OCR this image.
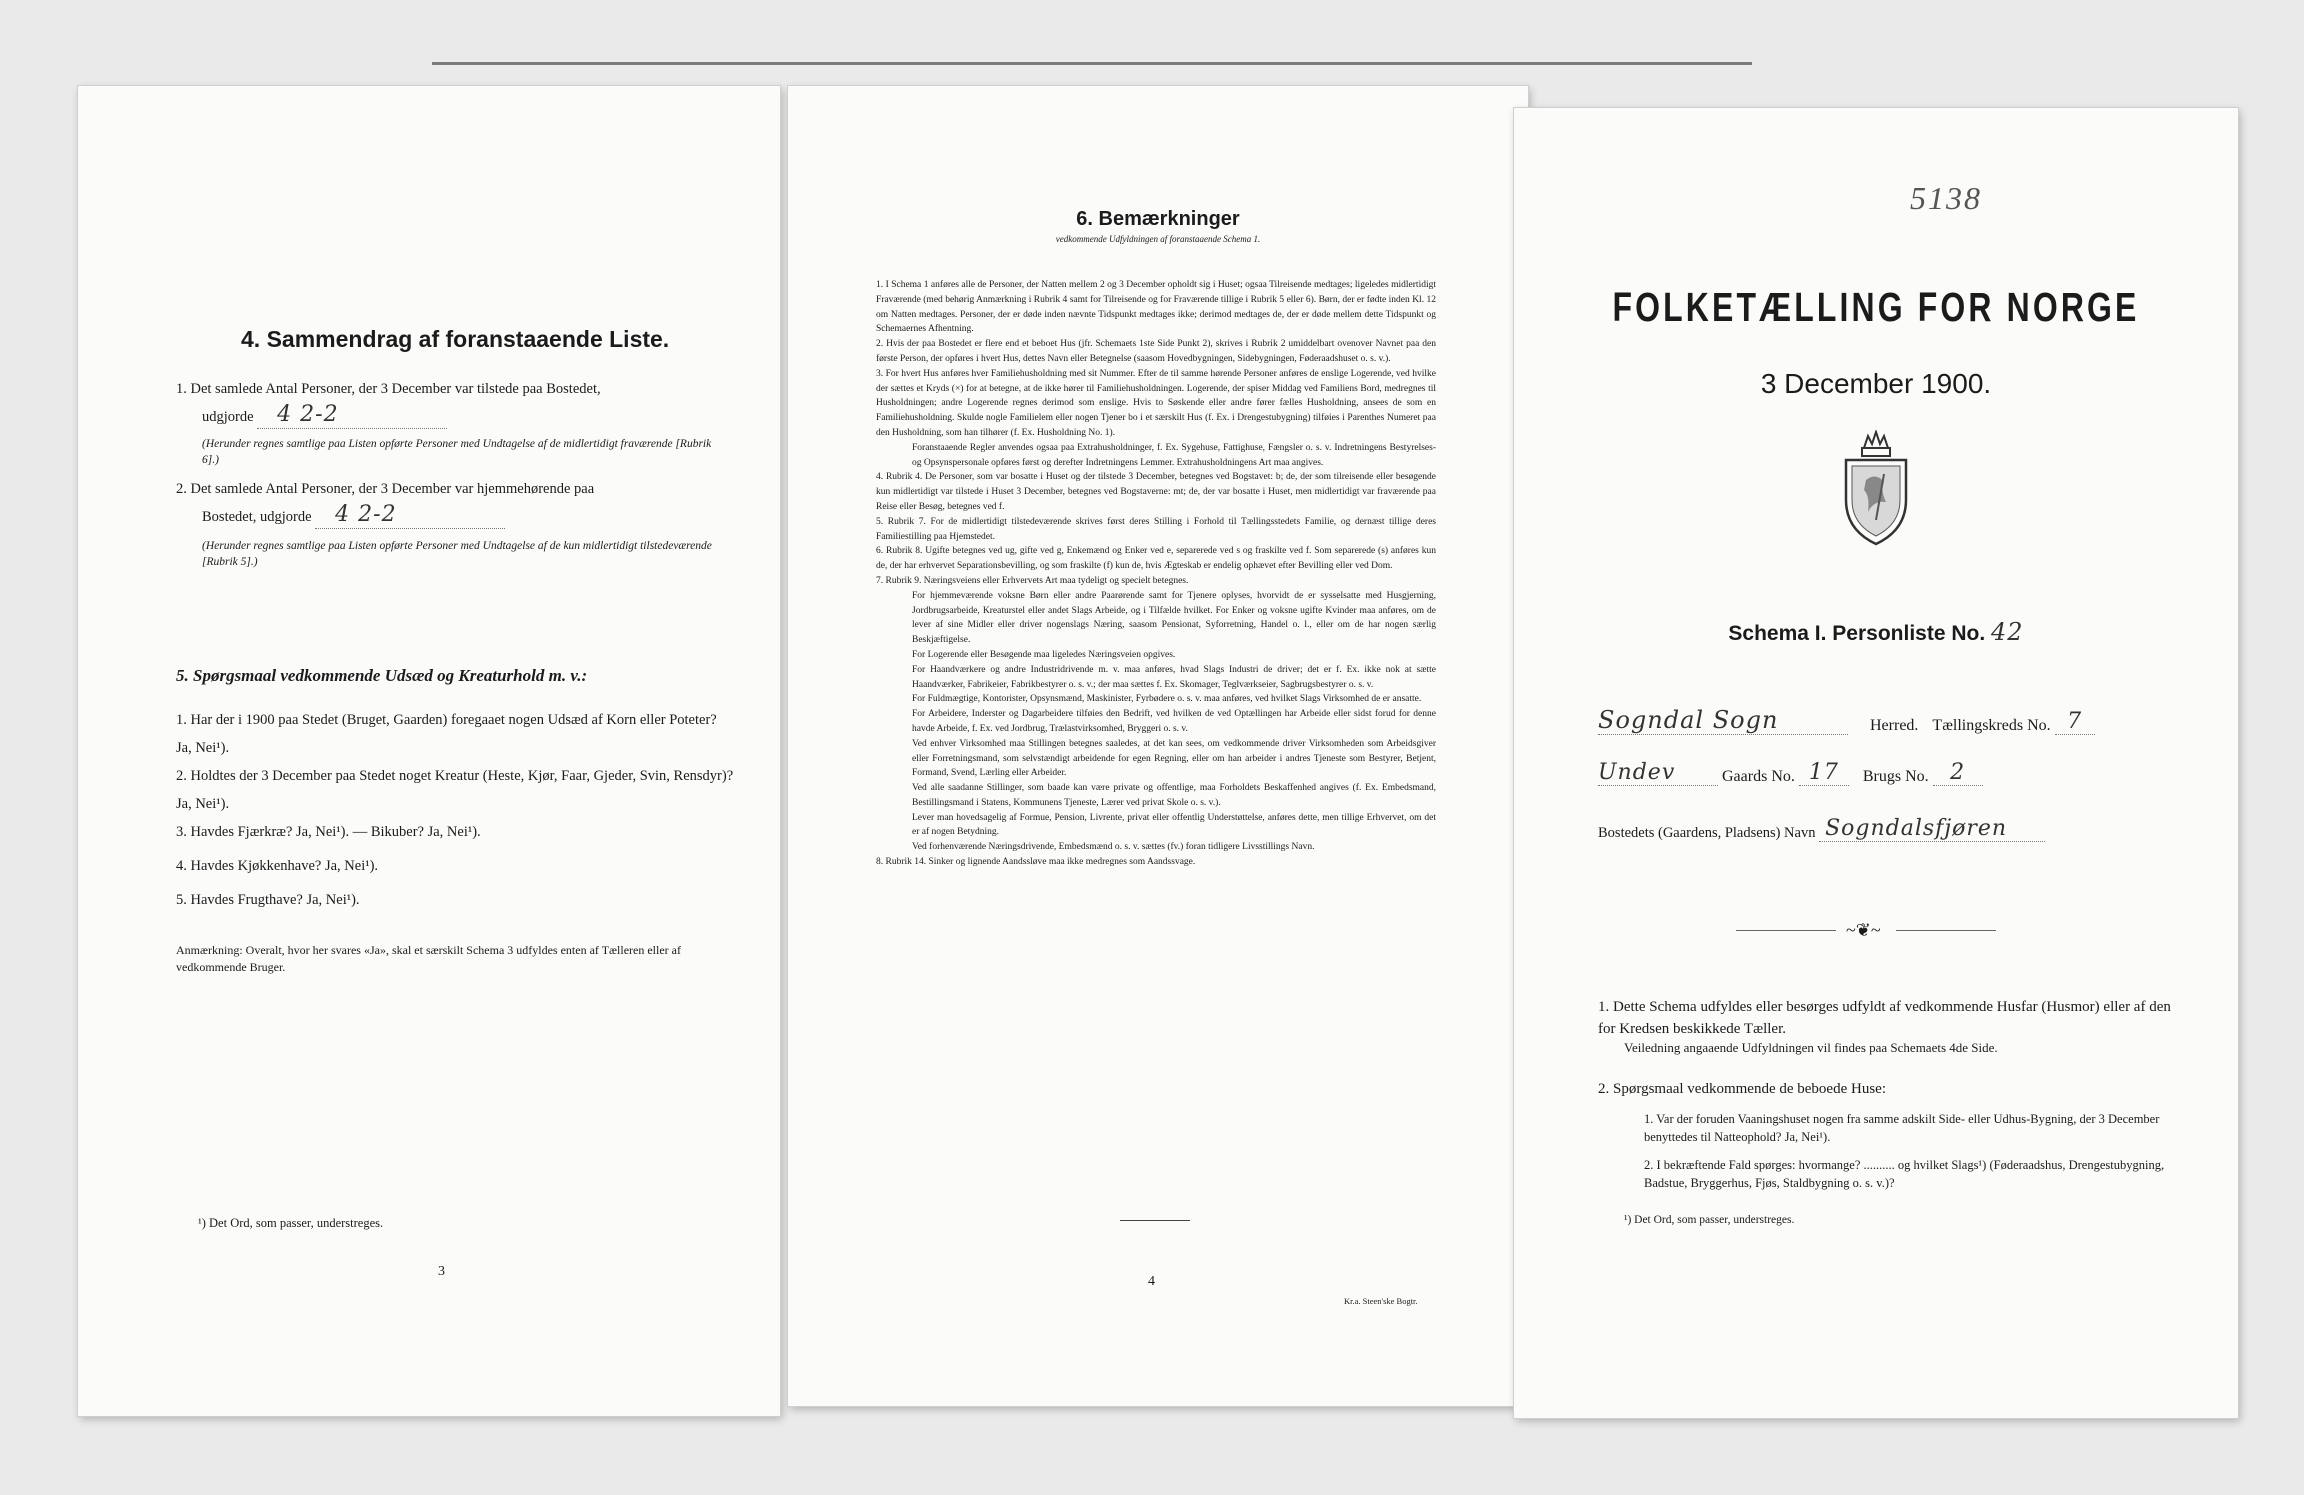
4. Sammendrag af foranstaaende Liste.
1. Det samlede Antal Personer, der 3 December var tilstede paa Bostedet,
udgjorde 4 2-2
(Herunder regnes samtlige paa Listen opførte Personer med Undtagelse af de midlertidigt fraværende [Rubrik 6].)
2. Det samlede Antal Personer, der 3 December var hjemmehørende paa
Bostedet, udgjorde 4 2-2
(Herunder regnes samtlige paa Listen opførte Personer med Undtagelse af de kun midlertidigt tilstedeværende [Rubrik 5].)
5. Spørgsmaal vedkommende Udsæd og Kreaturhold m. v.:
1. Har der i 1900 paa Stedet (Bruget, Gaarden) foregaaet nogen Udsæd af Korn eller Poteter? Ja, Nei¹).
2. Holdtes der 3 December paa Stedet noget Kreatur (Heste, Kjør, Faar, Gjeder, Svin, Rensdyr)? Ja, Nei¹).
3. Havdes Fjærkræ? Ja, Nei¹). — Bikuber? Ja, Nei¹).
4. Havdes Kjøkkenhave? Ja, Nei¹).
5. Havdes Frugthave? Ja, Nei¹).
Anmærkning: Overalt, hvor her svares «Ja», skal et særskilt Schema 3 udfyldes enten af Tælleren eller af vedkommende Bruger.
¹) Det Ord, som passer, understreges.
3
6. Bemærkninger
vedkommende Udfyldningen af foranstaaende Schema 1.

1. I Schema 1 anføres alle de Personer, der Natten mellem 2 og 3 December opholdt sig i Huset; ogsaa Tilreisende medtages; ligeledes midlertidigt Fraværende (med behørig Anmærkning i Rubrik 4 samt for Tilreisende og for Fraværende tillige i Rubrik 5 eller 6). Børn, der er fødte inden Kl. 12 om Natten medtages. Personer, der er døde inden nævnte Tidspunkt medtages ikke; derimod medtages de, der er døde mellem dette Tidspunkt og Schemaernes Afhentning.

2. Hvis der paa Bostedet er flere end et beboet Hus (jfr. Schemaets 1ste Side Punkt 2), skrives i Rubrik 2 umiddelbart ovenover Navnet paa den første Person, der opføres i hvert Hus, dettes Navn eller Betegnelse (saasom Hovedbygningen, Sidebygningen, Føderaadshuset o. s. v.).

3. For hvert Hus anføres hver Familiehusholdning med sit Nummer. Efter de til samme hørende Personer anføres de enslige Logerende, ved hvilke der sættes et Kryds (×) for at betegne, at de ikke hører til Familiehusholdningen. Logerende, der spiser Middag ved Familiens Bord, medregnes til Husholdningen; andre Logerende regnes derimod som enslige. Hvis to Søskende eller andre fører fælles Husholdning, ansees de som en Familiehusholdning. Skulde nogle Familielem eller nogen Tjener bo i et særskilt Hus (f. Ex. i Drengestubygning) tilføies i Parenthes Numeret paa den Husholdning, som han tilhører (f. Ex. Husholdning No. 1).

Foranstaaende Regler anvendes ogsaa paa Extrahusholdninger, f. Ex. Sygehuse, Fattighuse, Fængsler o. s. v. Indretningens Bestyrelses- og Opsynspersonale opføres først og derefter Indretningens Lemmer. Extrahusholdningens Art maa angives.

4. Rubrik 4. De Personer, som var bosatte i Huset og der tilstede 3 December, betegnes ved Bogstavet: b; de, der som tilreisende eller besøgende kun midlertidigt var tilstede i Huset 3 December, betegnes ved Bogstaverne: mt; de, der var bosatte i Huset, men midlertidigt var fraværende paa Reise eller Besøg, betegnes ved f.

5. Rubrik 7. For de midlertidigt tilstedeværende skrives først deres Stilling i Forhold til Tællingsstedets Familie, og dernæst tillige deres Familiestilling paa Hjemstedet.

6. Rubrik 8. Ugifte betegnes ved ug, gifte ved g, Enkemænd og Enker ved e, separerede ved s og fraskilte ved f. Som separerede (s) anføres kun de, der har erhvervet Separationsbevilling, og som fraskilte (f) kun de, hvis Ægteskab er endelig ophævet efter Bevilling eller ved Dom.

7. Rubrik 9. Næringsveiens eller Erhvervets Art maa tydeligt og specielt betegnes.

For hjemmeværende voksne Børn eller andre Paarørende samt for Tjenere oplyses, hvorvidt de er sysselsatte med Husgjerning, Jordbrugsarbeide, Kreaturstel eller andet Slags Arbeide, og i Tilfælde hvilket. For Enker og voksne ugifte Kvinder maa anføres, om de lever af sine Midler eller driver nogenslags Næring, saasom Pensionat, Syforretning, Handel o. l., eller om de har nogen særlig Beskjæftigelse.

For Logerende eller Besøgende maa ligeledes Næringsveien opgives.

For Haandværkere og andre Industridrivende m. v. maa anføres, hvad Slags Industri de driver; det er f. Ex. ikke nok at sætte Haandværker, Fabrikeier, Fabrikbestyrer o. s. v.; der maa sættes f. Ex. Skomager, Teglværkseier, Sagbrugsbestyrer o. s. v.

For Fuldmægtige, Kontorister, Opsynsmænd, Maskinister, Fyrbødere o. s. v. maa anføres, ved hvilket Slags Virksomhed de er ansatte.

For Arbeidere, Inderster og Dagarbeidere tilføies den Bedrift, ved hvilken de ved Optællingen har Arbeide eller sidst forud for denne havde Arbeide, f. Ex. ved Jordbrug, Trælastvirksomhed, Bryggeri o. s. v.

Ved enhver Virksomhed maa Stillingen betegnes saaledes, at det kan sees, om vedkommende driver Virksomheden som Arbeidsgiver eller Forretningsmand, som selvstændigt arbeidende for egen Regning, eller om han arbeider i andres Tjeneste som Bestyrer, Betjent, Formand, Svend, Lærling eller Arbeider.

Ved alle saadanne Stillinger, som baade kan være private og offentlige, maa Forholdets Beskaffenhed angives (f. Ex. Embedsmand, Bestillingsmand i Statens, Kommunens Tjeneste, Lærer ved privat Skole o. s. v.).

Lever man hovedsagelig af Formue, Pension, Livrente, privat eller offentlig Understøttelse, anføres dette, men tillige Erhvervet, om det er af nogen Betydning.

Ved forhenværende Næringsdrivende, Embedsmænd o. s. v. sættes (fv.) foran tidligere Livsstillings Navn.

8. Rubrik 14. Sinker og lignende Aandssløve maa ikke medregnes som Aandssvage.

4
Kr.a. Steen'ske Bogtr.
5138
FOLKETÆLLING FOR NORGE
3 December 1900.
Schema I. Personliste No. 42
Sogndal Sogn	Herred. Tællingskreds No. 7
Undev	Gaards No. 17 Brugs No. 2
Bostedets (Gaardens, Pladsens) Navn Sogndalsfjøren
~❦~
1. Dette Schema udfyldes eller besørges udfyldt af vedkommende Husfar (Husmor) eller af den for Kredsen beskikkede Tæller.
Veiledning angaaende Udfyldningen vil findes paa Schemaets 4de Side.
2. Spørgsmaal vedkommende de beboede Huse:
1. Var der foruden Vaaningshuset nogen fra samme adskilt Side- eller Udhus-Bygning, der 3 December benyttedes til Natteophold? Ja, Nei¹).
2. I bekræftende Fald spørges: hvormange? .......... og hvilket Slags¹) (Føderaadshus, Drengestubygning, Badstue, Bryggerhus, Fjøs, Staldbygning o. s. v.)?
¹) Det Ord, som passer, understreges.
